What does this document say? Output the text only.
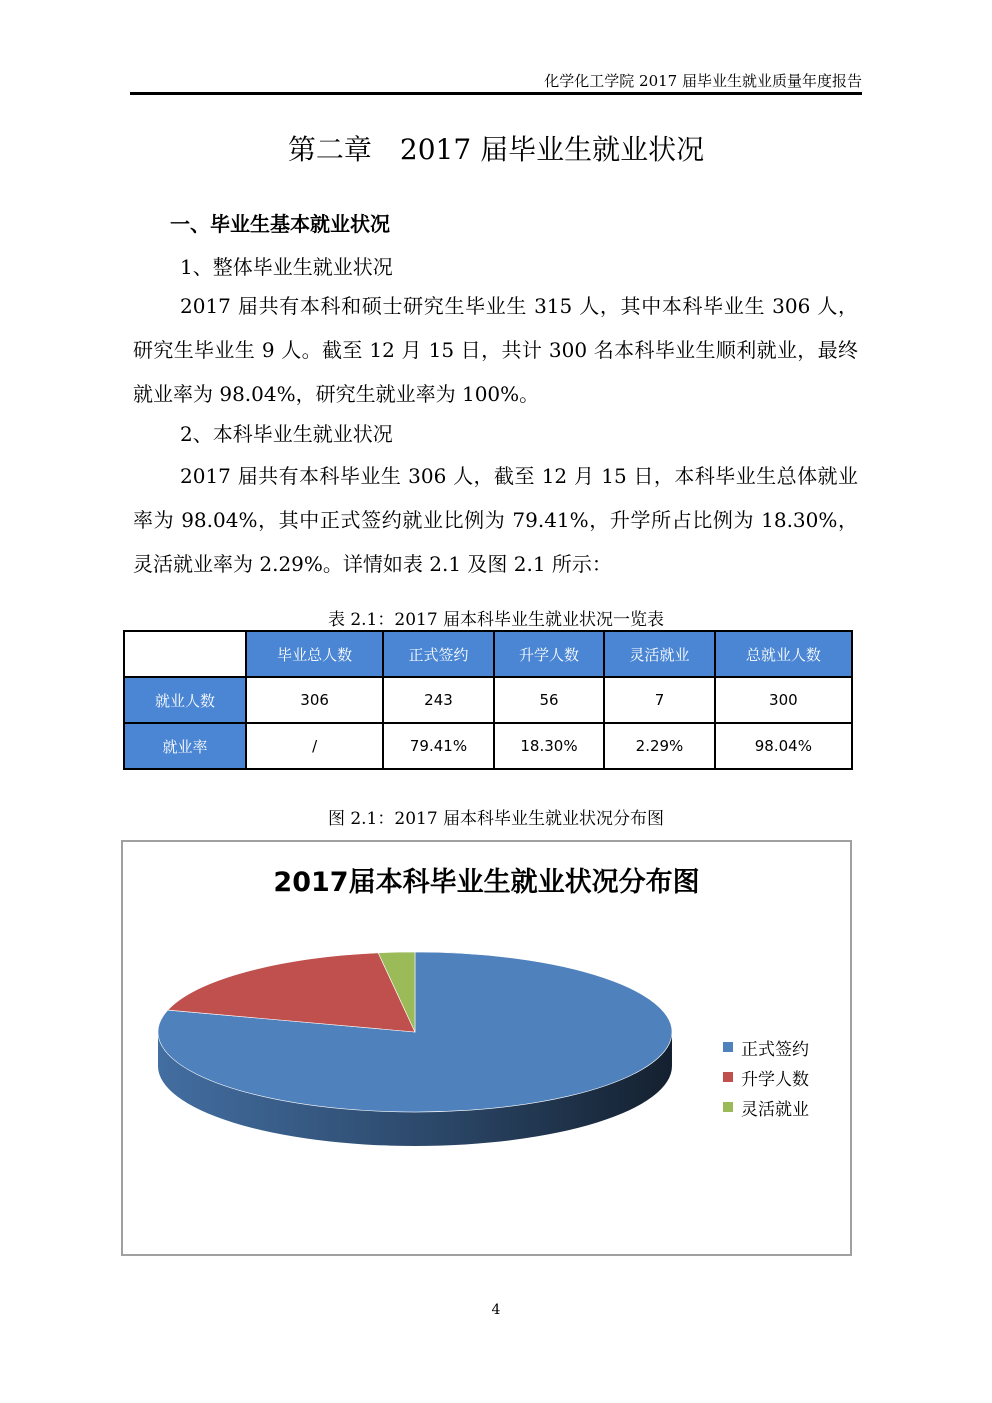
化学化工学院 2017 届毕业生就业质量年度报告
第二章　2017 届毕业生就业状况
一、毕业生基本就业状况
1、整体毕业生就业状况
2017 届共有本科和硕士研究生毕业生 315 人，其中本科毕业生 306 人，研究生毕业生 9 人。截至 12 月 15 日，共计 300 名本科毕业生顺利就业，最终就业率为 98.04%，研究生就业率为 100%。
2、本科毕业生就业状况
2017 届共有本科毕业生 306 人，截至 12 月 15 日，本科毕业生总体就业率为 98.04%，其中正式签约就业比例为 79.41%，升学所占比例为 18.30%，灵活就业率为 2.29%。详情如表 2.1 及图 2.1 所示：
表 2.1：2017 届本科毕业生就业状况一览表
	毕业总人数	正式签约	升学人数	灵活就业	总就业人数
就业人数	306	243	56	7	300
就业率	/	79.41%	18.30%	2.29%	98.04%
图 2.1：2017 届本科毕业生就业状况分布图
2017届本科毕业生就业状况分布图
正式签约
升学人数
灵活就业
4
